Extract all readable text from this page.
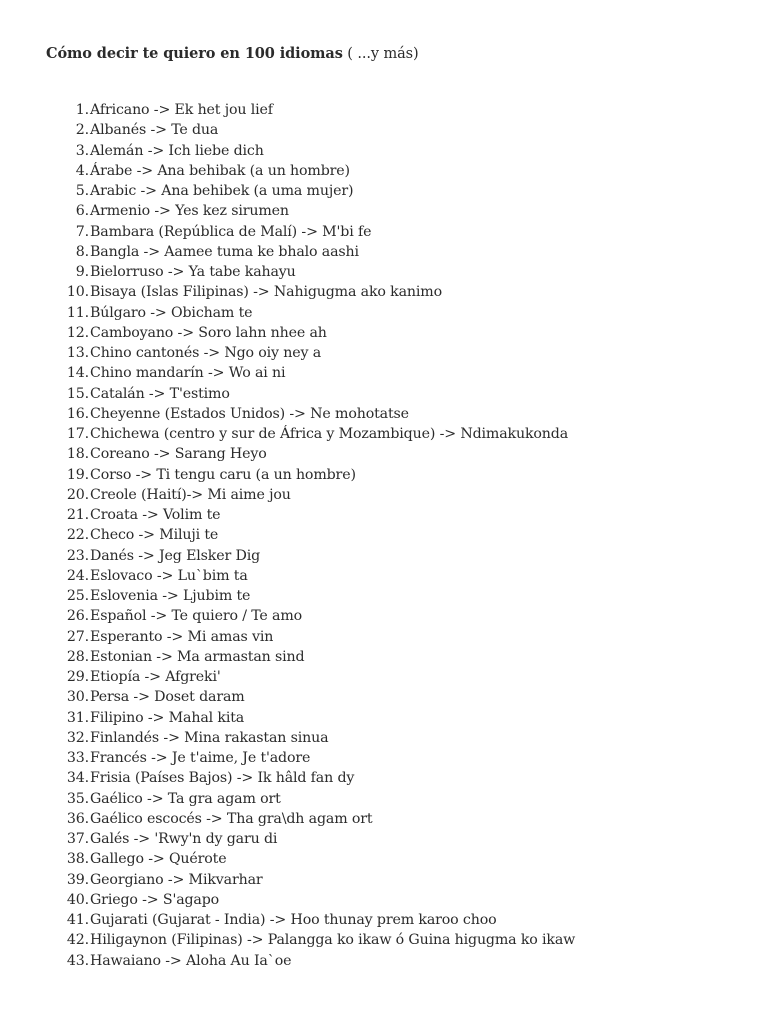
Cómo decir te quiero en 100 idiomas ( ...y más)
1. Africano -> Ek het jou lief
2. Albanés -> Te dua
3. Alemán -> Ich liebe dich
4. Árabe -> Ana behibak (a un hombre)
5. Arabic -> Ana behibek (a uma mujer)
6. Armenio -> Yes kez sirumen
7. Bambara (República de Malí) -> M'bi fe
8. Bangla -> Aamee tuma ke bhalo aashi
9. Bielorruso -> Ya tabe kahayu
10. Bisaya (Islas Filipinas) -> Nahigugma ako kanimo
11. Búlgaro -> Obicham te
12. Camboyano -> Soro lahn nhee ah
13. Chino cantonés -> Ngo oiy ney a
14. Chino mandarín -> Wo ai ni
15. Catalán -> T'estimo
16. Cheyenne (Estados Unidos) -> Ne mohotatse
17. Chichewa (centro y sur de África y Mozambique) -> Ndimakukonda
18. Coreano -> Sarang Heyo
19. Corso -> Ti tengu caru (a un hombre)
20. Creole (Haití)-> Mi aime jou
21. Croata -> Volim te
22. Checo -> Miluji te
23. Danés -> Jeg Elsker Dig
24. Eslovaco -> Lu`bim ta
25. Eslovenia -> Ljubim te
26. Español -> Te quiero / Te amo
27. Esperanto -> Mi amas vin
28. Estonian -> Ma armastan sind
29. Etiopía -> Afgreki'
30. Persa -> Doset daram
31. Filipino -> Mahal kita
32. Finlandés -> Mina rakastan sinua
33. Francés -> Je t'aime, Je t'adore
34. Frisia (Países Bajos) -> Ik hâld fan dy
35. Gaélico -> Ta gra agam ort
36. Gaélico escocés -> Tha gra\dh agam ort
37. Galés -> 'Rwy'n dy garu di
38. Gallego -> Quérote
39. Georgiano -> Mikvarhar
40. Griego -> S'agapo
41. Gujarati (Gujarat - India) -> Hoo thunay prem karoo choo
42. Hiligaynon (Filipinas) -> Palangga ko ikaw ó Guina higugma ko ikaw
43. Hawaiano -> Aloha Au Ia`oe
